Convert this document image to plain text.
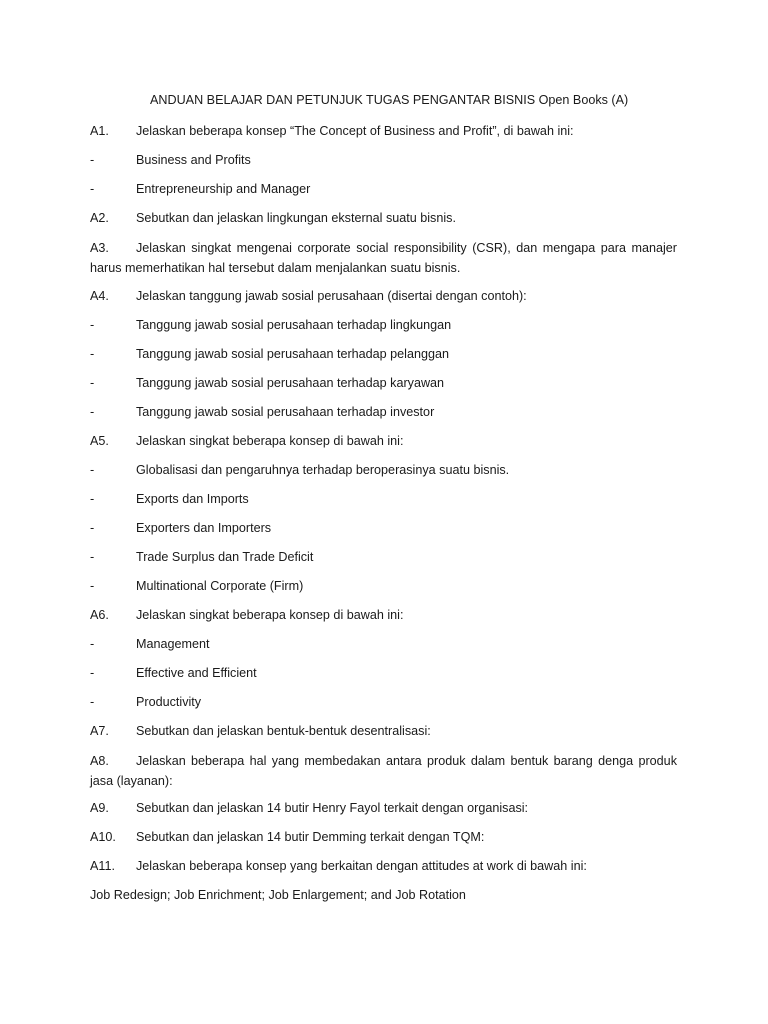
ANDUAN BELAJAR DAN PETUNJUK TUGAS PENGANTAR BISNIS Open Books (A)
A1.	Jelaskan beberapa konsep “The Concept of Business and Profit”, di bawah ini:
-	Business and Profits
-	Entrepreneurship and Manager
A2.	Sebutkan dan jelaskan lingkungan eksternal suatu bisnis.
A3.	Jelaskan singkat mengenai corporate social responsibility (CSR), dan mengapa para manajer harus memerhatikan hal tersebut dalam menjalankan suatu bisnis.
A4.	Jelaskan tanggung jawab sosial perusahaan (disertai dengan contoh):
-	Tanggung jawab sosial perusahaan terhadap lingkungan
-	Tanggung jawab sosial perusahaan terhadap pelanggan
-	Tanggung jawab sosial perusahaan terhadap karyawan
-	Tanggung jawab sosial perusahaan terhadap investor
A5.	Jelaskan singkat beberapa konsep di bawah ini:
-	Globalisasi dan pengaruhnya terhadap beroperasinya suatu bisnis.
-	Exports dan Imports
-	Exporters dan Importers
-	Trade Surplus dan Trade Deficit
-	Multinational Corporate (Firm)
A6.	Jelaskan singkat beberapa konsep di bawah ini:
-	Management
-	Effective and Efficient
-	Productivity
A7.	Sebutkan dan jelaskan bentuk-bentuk desentralisasi:
A8.	Jelaskan beberapa hal yang membedakan antara produk dalam bentuk barang denga produk jasa (layanan):
A9.	Sebutkan dan jelaskan 14 butir Henry Fayol terkait dengan organisasi:
A10.	Sebutkan dan jelaskan 14 butir Demming terkait dengan TQM:
A11.	Jelaskan beberapa konsep yang berkaitan dengan attitudes at work di bawah ini:
Job Redesign; Job Enrichment; Job Enlargement; and Job Rotation
